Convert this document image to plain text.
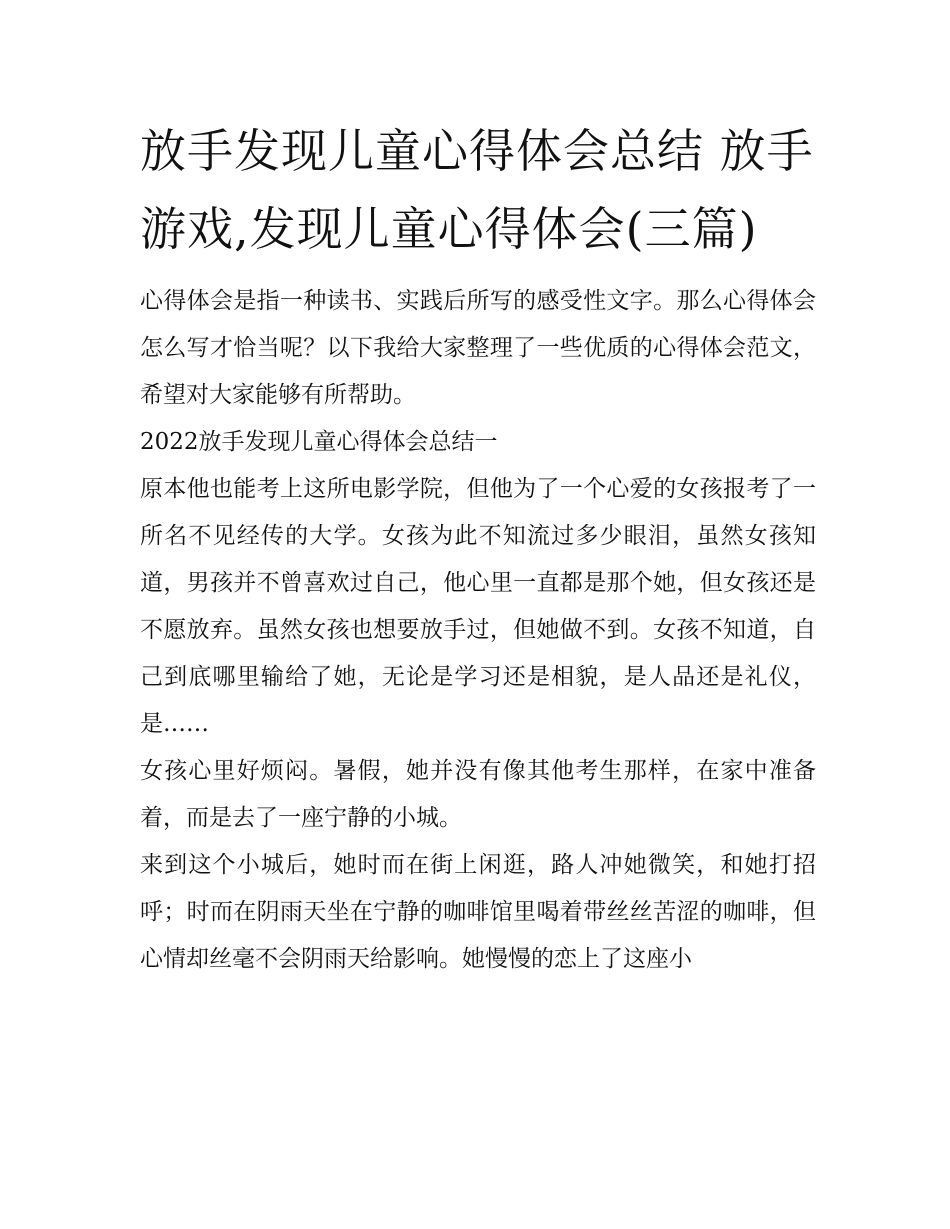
放手发现儿童心得体会总结 放手游戏,发现儿童心得体会(三篇)

心得体会是指一种读书、实践后所写的感受性文字。那么心得体会怎么写才恰当呢？以下我给大家整理了一些优质的心得体会范文，希望对大家能够有所帮助。

2022放手发现儿童心得体会总结一

原本他也能考上这所电影学院，但他为了一个心爱的女孩报考了一所名不见经传的大学。女孩为此不知流过多少眼泪，虽然女孩知道，男孩并不曾喜欢过自己，他心里一直都是那个她，但女孩还是不愿放弃。虽然女孩也想要放手过，但她做不到。女孩不知道，自己到底哪里输给了她，无论是学习还是相貌，是人品还是礼仪，是……

女孩心里好烦闷。暑假，她并没有像其他考生那样，在家中准备着，而是去了一座宁静的小城。

来到这个小城后，她时而在街上闲逛，路人冲她微笑，和她打招呼；时而在阴雨天坐在宁静的咖啡馆里喝着带丝丝苦涩的咖啡，但心情却丝毫不会阴雨天给影响。她慢慢的恋上了这座小
